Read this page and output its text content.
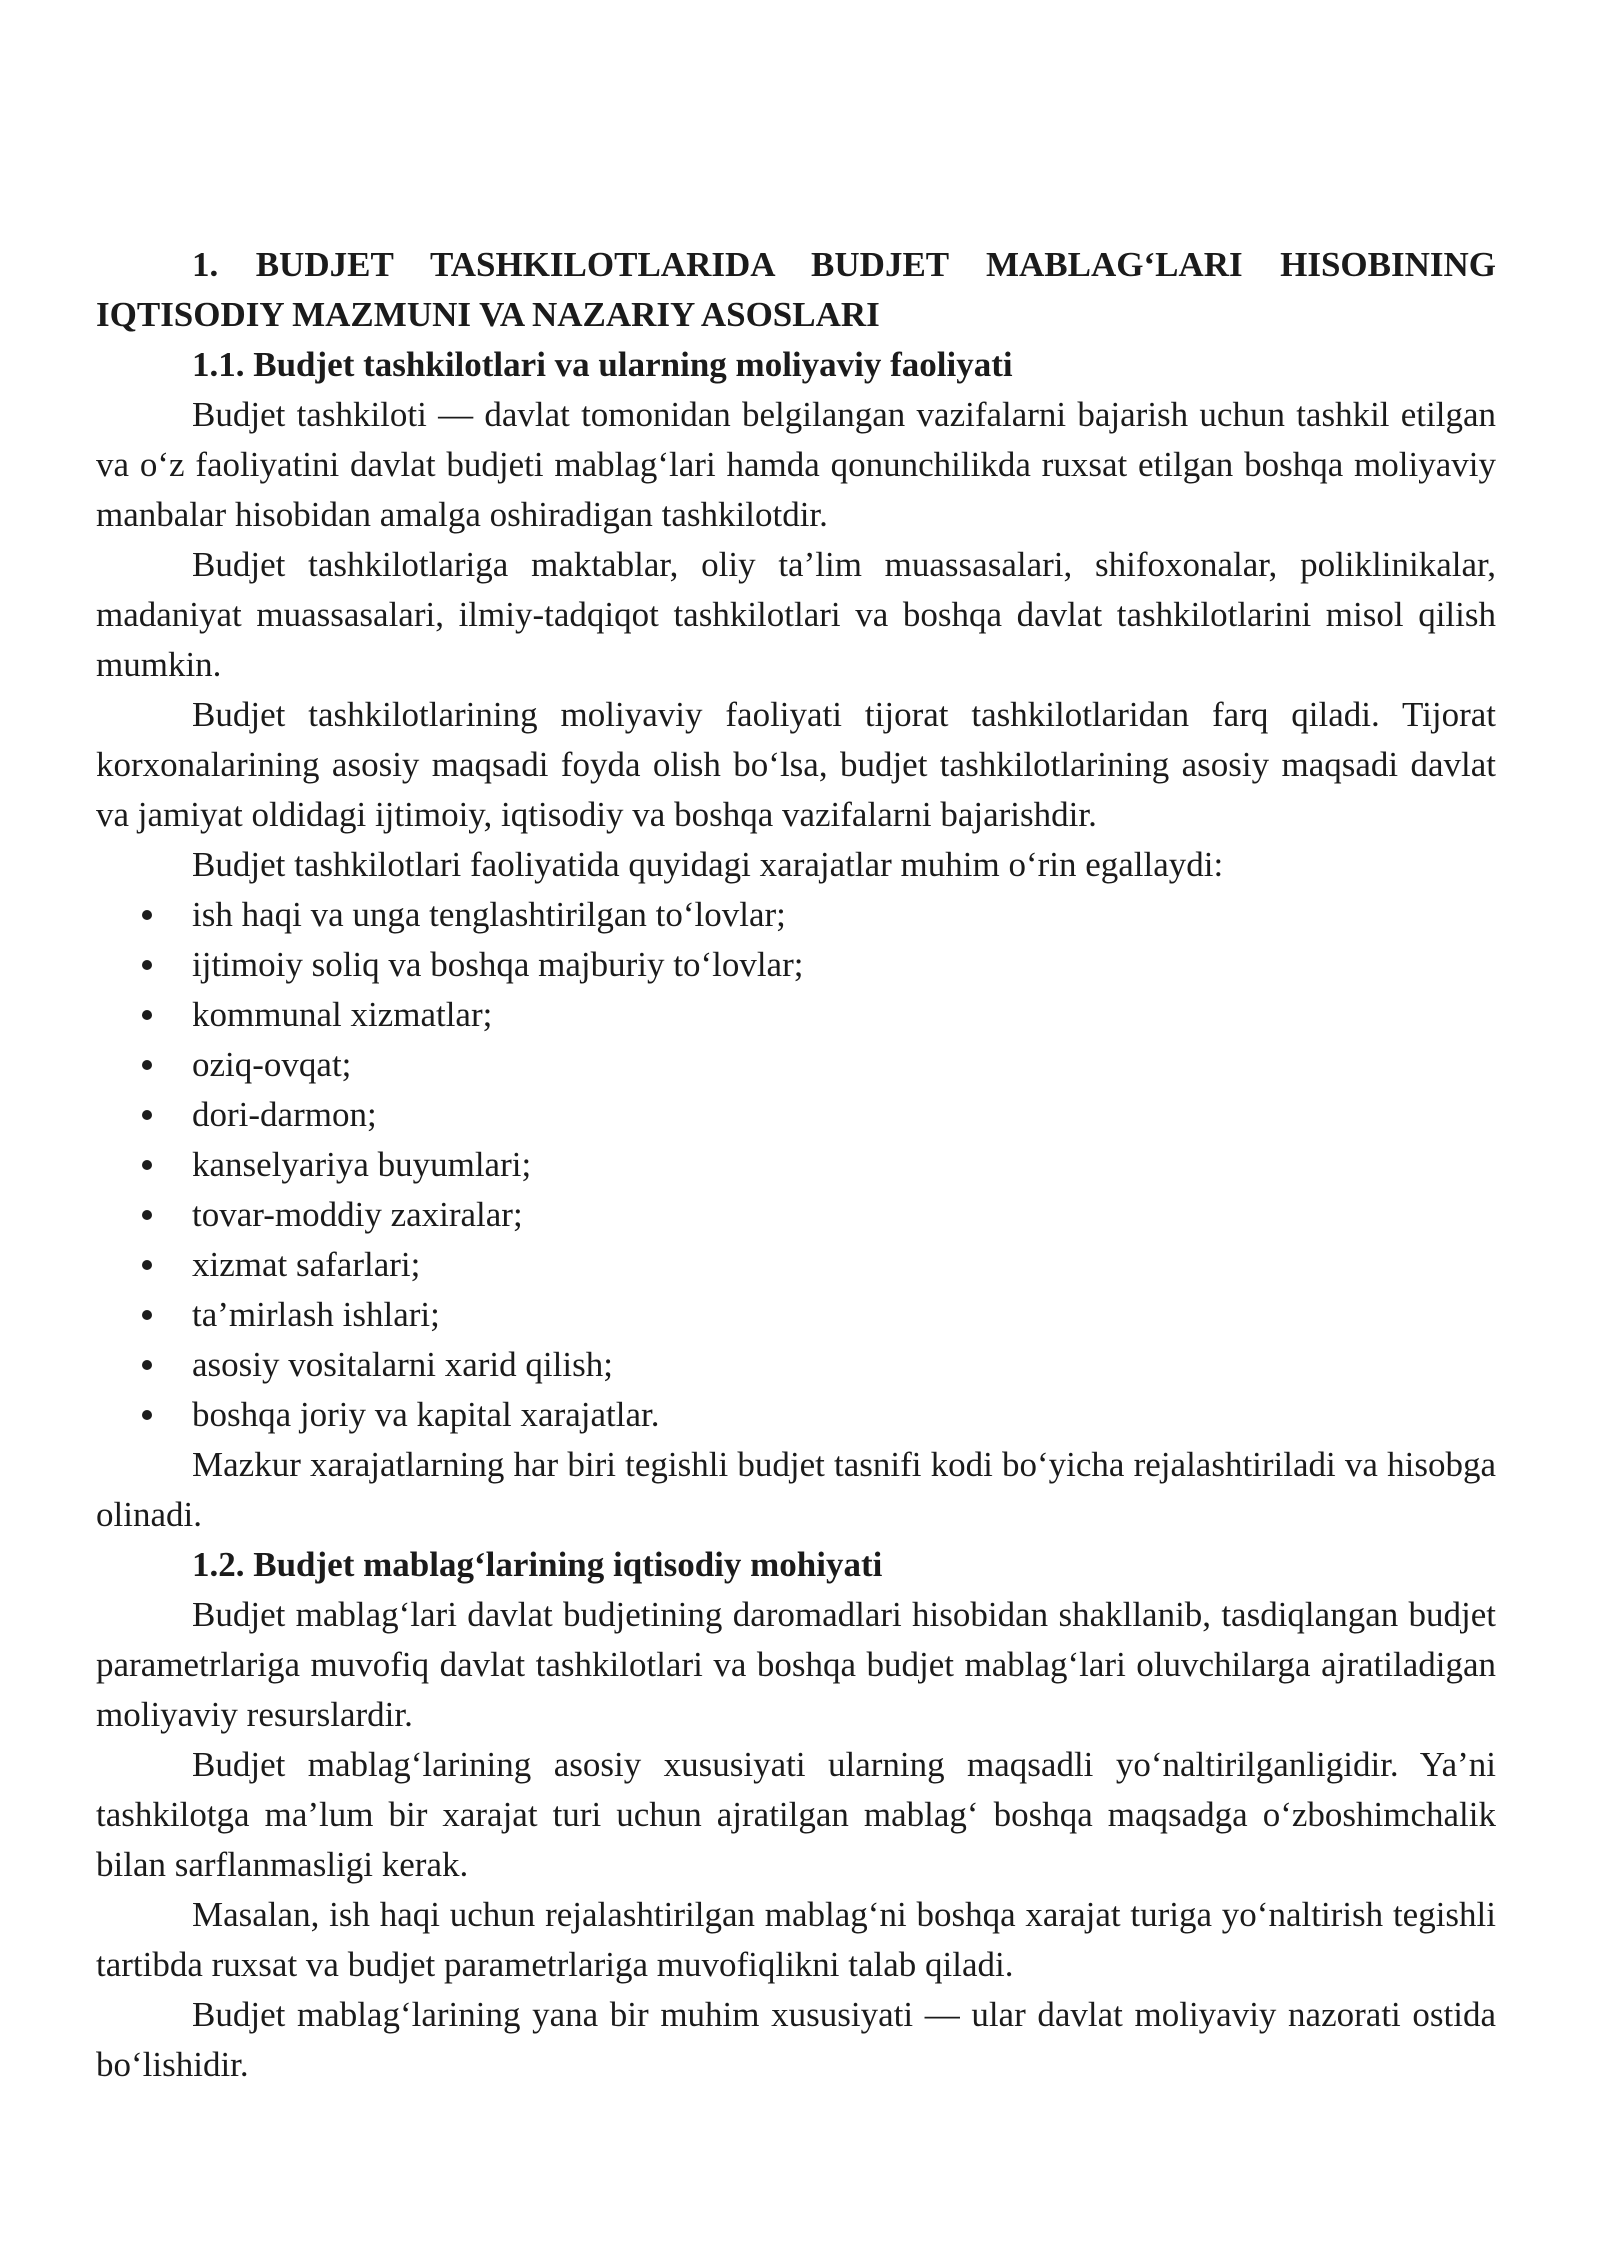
1. BUDJET TASHKILOTLARIDA BUDJET MABLAG‘LARI HISOBINING IQTISODIY MAZMUNI VA NAZARIY ASOSLARI

1.1. Budjet tashkilotlari va ularning moliyaviy faoliyati

Budjet tashkiloti — davlat tomonidan belgilangan vazifalarni bajarish uchun tashkil etilgan va o‘z faoliyatini davlat budjeti mablag‘lari hamda qonunchilikda ruxsat etilgan boshqa moliyaviy manbalar hisobidan amalga oshiradigan tashkilotdir.

Budjet tashkilotlariga maktablar, oliy ta’lim muassasalari, shifoxonalar, poliklinikalar, madaniyat muassasalari, ilmiy-tadqiqot tashkilotlari va boshqa davlat tashkilotlarini misol qilish mumkin.

Budjet tashkilotlarining moliyaviy faoliyati tijorat tashkilotlaridan farq qiladi. Tijorat korxonalarining asosiy maqsadi foyda olish bo‘lsa, budjet tashkilotlarining asosiy maqsadi davlat va jamiyat oldidagi ijtimoiy, iqtisodiy va boshqa vazifalarni bajarishdir.

Budjet tashkilotlari faoliyatida quyidagi xarajatlar muhim o‘rin egallaydi:

ish haqi va unga tenglashtirilgan to‘lovlar;
ijtimoiy soliq va boshqa majburiy to‘lovlar;
kommunal xizmatlar;
oziq-ovqat;
dori-darmon;
kanselyariya buyumlari;
tovar-moddiy zaxiralar;
xizmat safarlari;
ta’mirlash ishlari;
asosiy vositalarni xarid qilish;
boshqa joriy va kapital xarajatlar.

Mazkur xarajatlarning har biri tegishli budjet tasnifi kodi bo‘yicha rejalashtiriladi va hisobga olinadi.

1.2. Budjet mablag‘larining iqtisodiy mohiyati

Budjet mablag‘lari davlat budjetining daromadlari hisobidan shakllanib, tasdiqlangan budjet parametrlariga muvofiq davlat tashkilotlari va boshqa budjet mablag‘lari oluvchilarga ajratiladigan moliyaviy resurslardir.

Budjet mablag‘larining asosiy xususiyati ularning maqsadli yo‘naltirilganligidir. Ya’ni tashkilotga ma’lum bir xarajat turi uchun ajratilgan mablag‘ boshqa maqsadga o‘zboshimchalik bilan sarflanmasligi kerak.

Masalan, ish haqi uchun rejalashtirilgan mablag‘ni boshqa xarajat turiga yo‘naltirish tegishli tartibda ruxsat va budjet parametrlariga muvofiqlikni talab qiladi.

Budjet mablag‘larining yana bir muhim xususiyati — ular davlat moliyaviy nazorati ostida bo‘lishidir.
